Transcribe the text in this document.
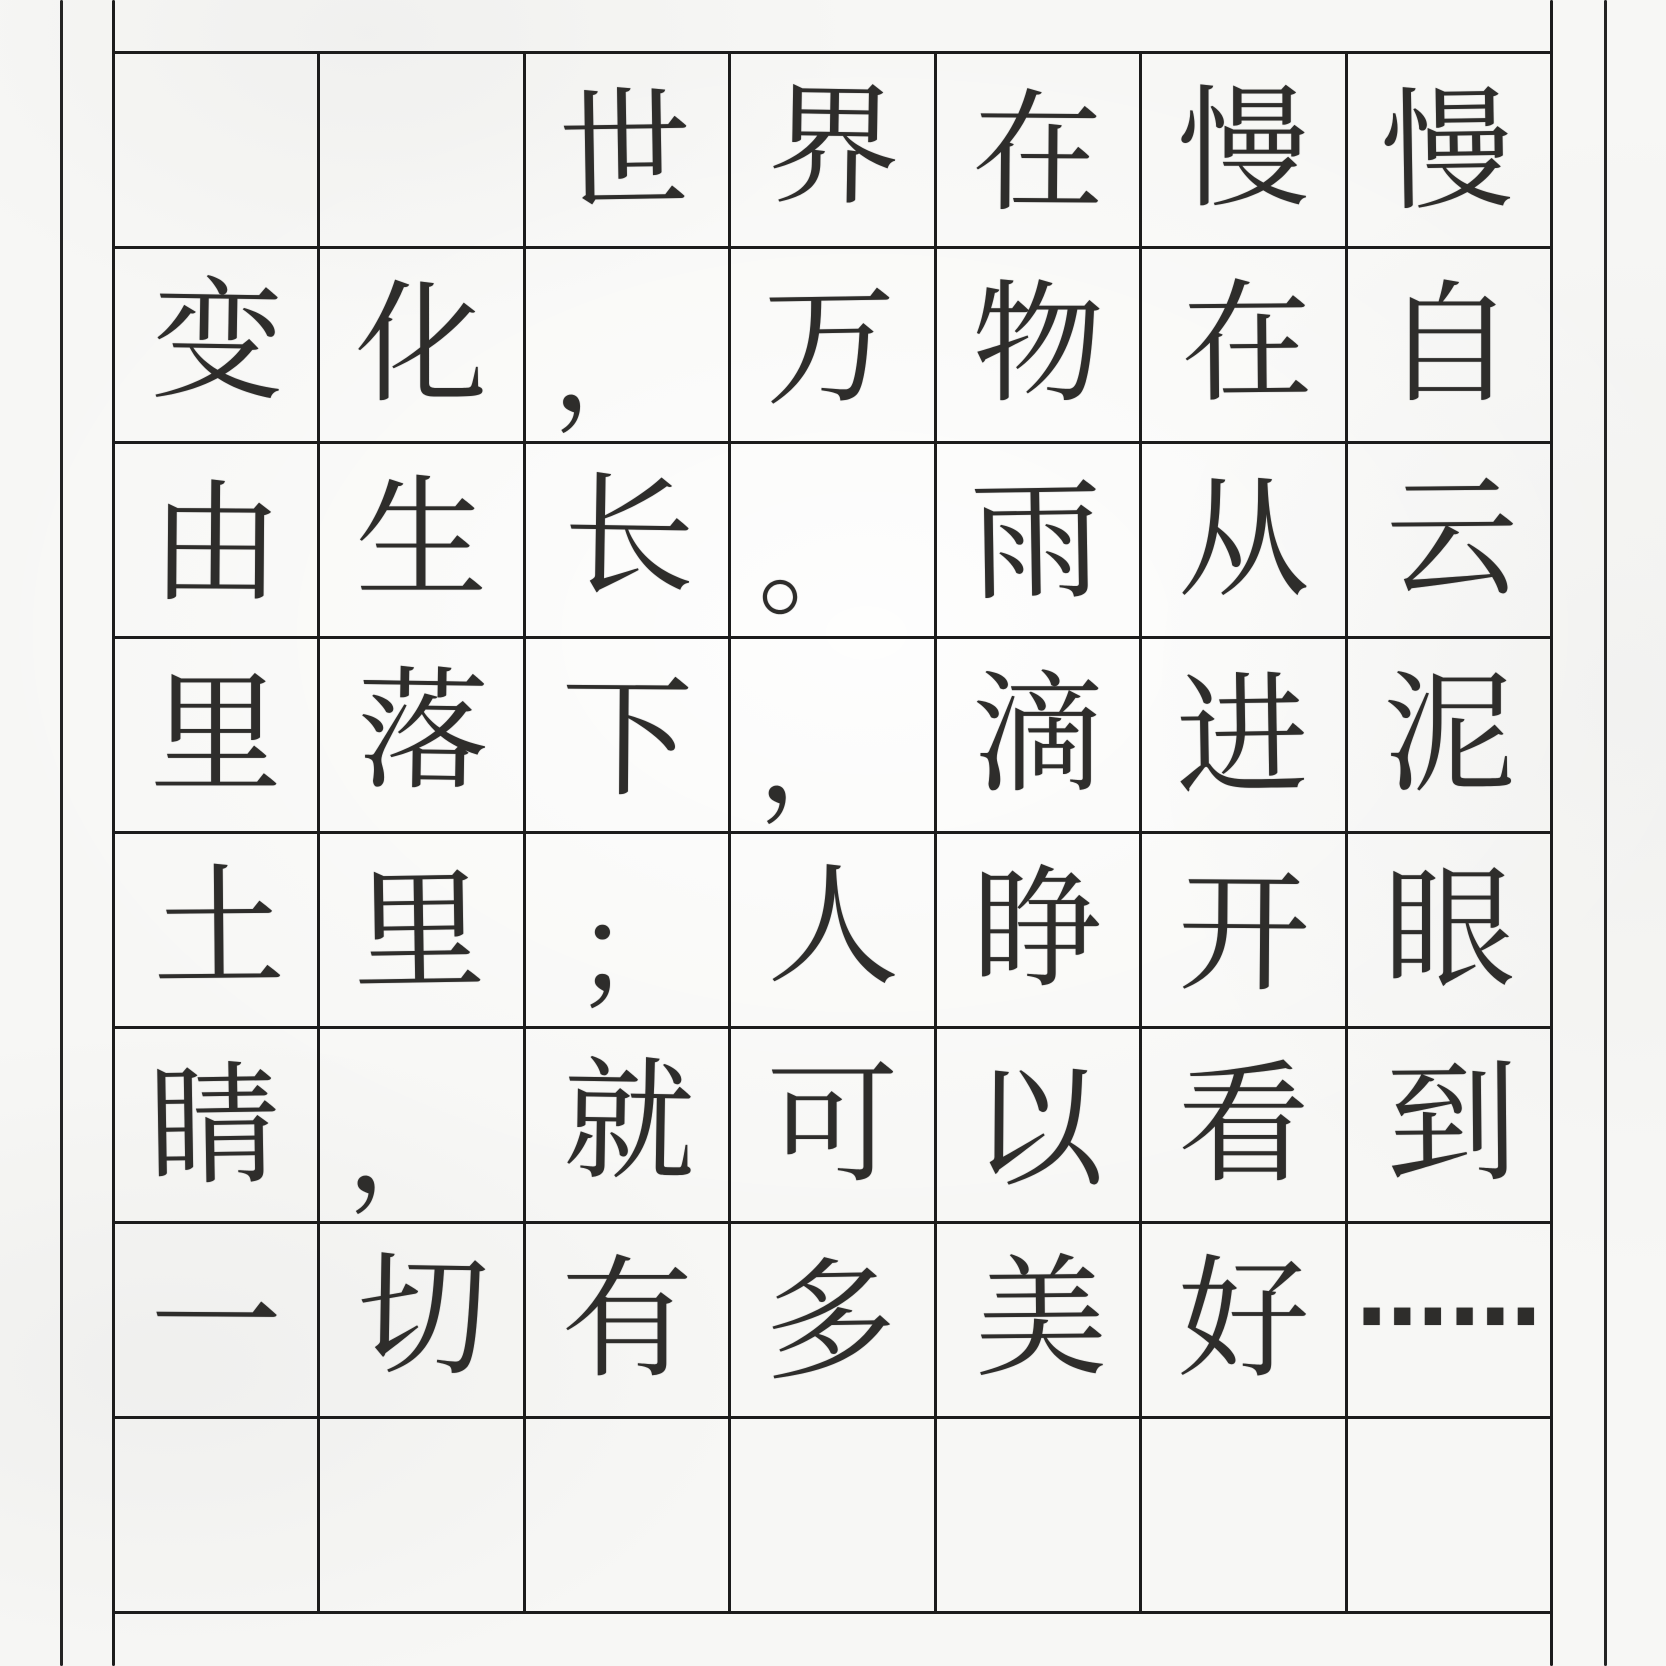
世 界 在 慢 慢
变 化 ， 万 物 在 自
由 生 长 。 雨 从 云
里 落 下 ， 滴 进 泥
土 里 ； 人 睁 开 眼
睛 ， 就 可 以 看 到
一 切 有 多 美 好 ……
